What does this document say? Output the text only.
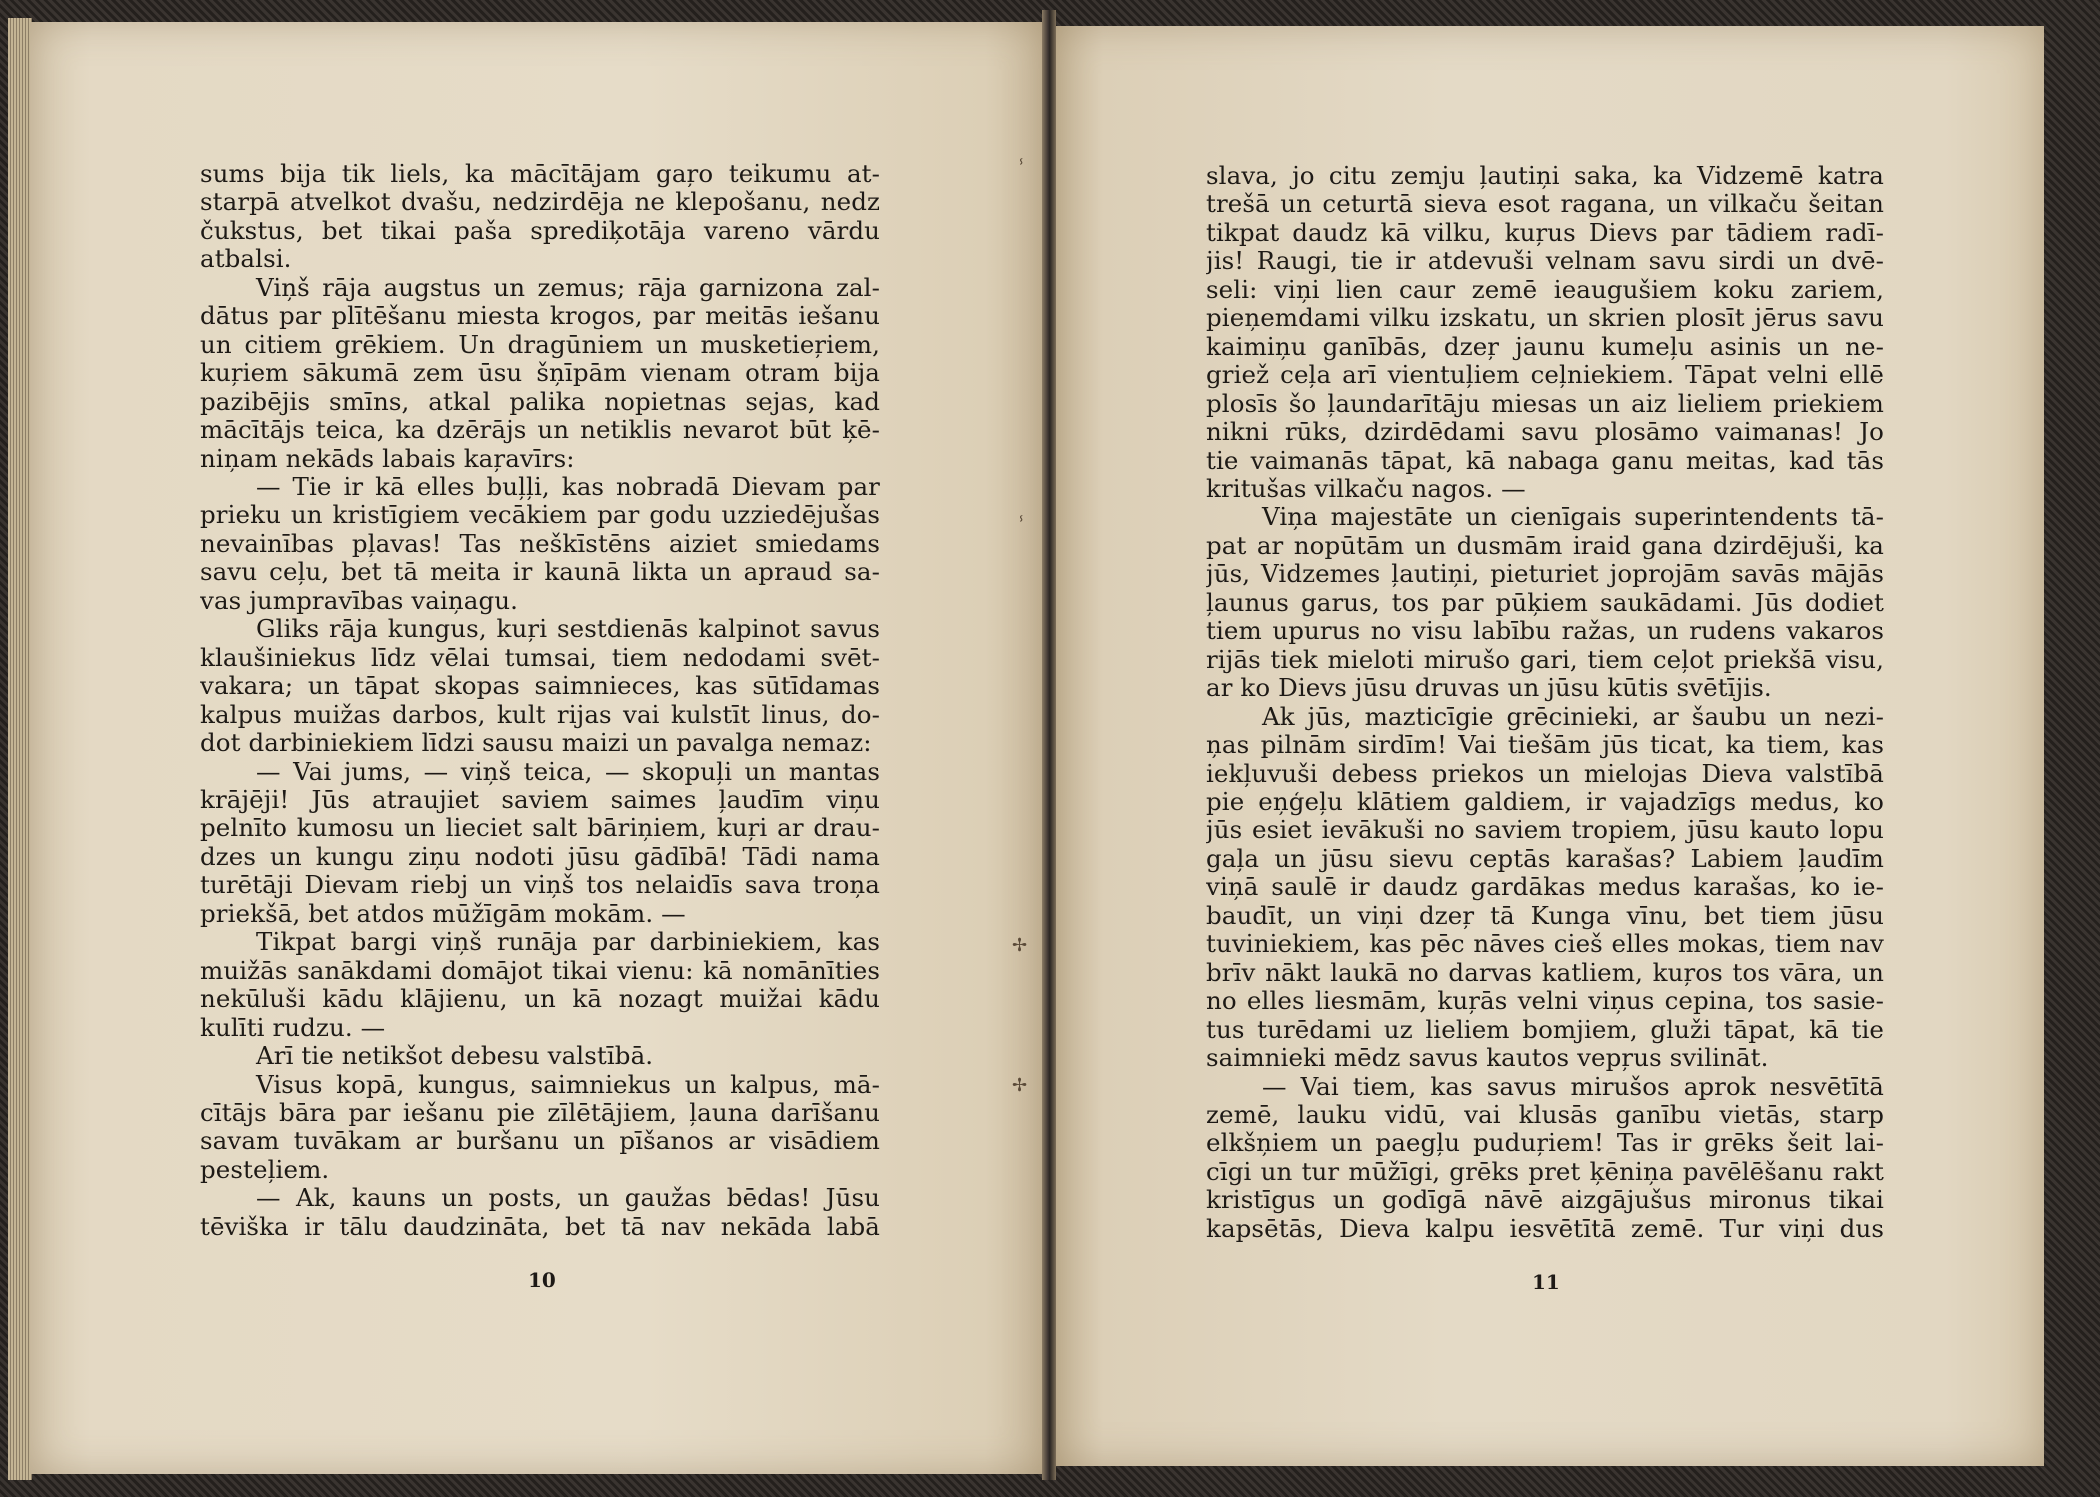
ⸯ
ⸯ
✢
✢
sums bija tik liels, ka mācītājam gaŗo teikumu at-
starpā atvelkot dvašu, nedzirdēja ne klepošanu, nedz
čukstus, bet tikai paša sprediķotāja vareno vārdu
atbalsi.
Viņš rāja augstus un zemus; rāja garnizona zal-
dātus par plītēšanu miesta krogos, par meitās iešanu
un citiem grēkiem. Un dragūniem un musketieŗiem,
kuŗiem sākumā zem ūsu šņīpām vienam otram bija
pazibējis smīns, atkal palika nopietnas sejas, kad
mācītājs teica, ka dzērājs un netiklis nevarot būt ķē-
niņam nekāds labais kaŗavīrs:
— Tie ir kā elles buļļi, kas nobradā Dievam par
prieku un kristīgiem vecākiem par godu uzziedējušas
nevainības pļavas! Tas neškīstēns aiziet smiedams
savu ceļu, bet tā meita ir kaunā likta un apraud sa-
vas jumpravības vaiņagu.
Gliks rāja kungus, kuŗi sestdienās kalpinot savus
klaušiniekus līdz vēlai tumsai, tiem nedodami svēt-
vakara; un tāpat skopas saimnieces, kas sūtīdamas
kalpus muižas darbos, kult rijas vai kulstīt linus, do-
dot darbiniekiem līdzi sausu maizi un pavalga nemaz:
— Vai jums, — viņš teica, — skopuļi un mantas
krājēji! Jūs atraujiet saviem saimes ļaudīm viņu
pelnīto kumosu un lieciet salt bāriņiem, kuŗi ar drau-
dzes un kungu ziņu nodoti jūsu gādībā! Tādi nama
turētāji Dievam riebj un viņš tos nelaidīs sava troņa
priekšā, bet atdos mūžīgām mokām. —
Tikpat bargi viņš runāja par darbiniekiem, kas
muižās sanākdami domājot tikai vienu: kā nomānīties
nekūluši kādu klājienu, un kā nozagt muižai kādu
kulīti rudzu. —
Arī tie netikšot debesu valstībā.
Visus kopā, kungus, saimniekus un kalpus, mā-
cītājs bāra par iešanu pie zīlētājiem, ļauna darīšanu
savam tuvākam ar buršanu un pīšanos ar visādiem
pesteļiem.
— Ak, kauns un posts, un gaužas bēdas! Jūsu
tēviška ir tālu daudzināta, bet tā nav nekāda labā
10
slava, jo citu zemju ļautiņi saka, ka Vidzemē katra
trešā un ceturtā sieva esot ragana, un vilkaču šeitan
tikpat daudz kā vilku, kuŗus Dievs par tādiem radī-
jis! Raugi, tie ir atdevuši velnam savu sirdi un dvē-
seli: viņi lien caur zemē ieaugušiem koku zariem,
pieņemdami vilku izskatu, un skrien plosīt jērus savu
kaimiņu ganībās, dzeŗ jaunu kumeļu asinis un ne-
griež ceļa arī vientuļiem ceļniekiem. Tāpat velni ellē
plosīs šo ļaundarītāju miesas un aiz lieliem priekiem
nikni rūks, dzirdēdami savu plosāmo vaimanas! Jo
tie vaimanās tāpat, kā nabaga ganu meitas, kad tās
kritušas vilkaču nagos. —
Viņa majestāte un cienīgais superintendents tā-
pat ar nopūtām un dusmām iraid gana dzirdējuši, ka
jūs, Vidzemes ļautiņi, pieturiet joprojām savās mājās
ļaunus garus, tos par pūķiem saukādami. Jūs dodiet
tiem upurus no visu labību ražas, un rudens vakaros
rijās tiek mieloti mirušo gari, tiem ceļot priekšā visu,
ar ko Dievs jūsu druvas un jūsu kūtis svētījis.
Ak jūs, mazticīgie grēcinieki, ar šaubu un nezi-
ņas pilnām sirdīm! Vai tiešām jūs ticat, ka tiem, kas
iekļuvuši debess priekos un mielojas Dieva valstībā
pie eņģeļu klātiem galdiem, ir vajadzīgs medus, ko
jūs esiet ievākuši no saviem tropiem, jūsu kauto lopu
gaļa un jūsu sievu ceptās karašas? Labiem ļaudīm
viņā saulē ir daudz gardākas medus karašas, ko ie-
baudīt, un viņi dzeŗ tā Kunga vīnu, bet tiem jūsu
tuviniekiem, kas pēc nāves cieš elles mokas, tiem nav
brīv nākt laukā no darvas katliem, kuŗos tos vāra, un
no elles liesmām, kuŗās velni viņus cepina, tos sasie-
tus turēdami uz lieliem bomjiem, gluži tāpat, kā tie
saimnieki mēdz savus kautos vepŗus svilināt.
— Vai tiem, kas savus mirušos aprok nesvētītā
zemē, lauku vidū, vai klusās ganību vietās, starp
elkšņiem un paegļu puduŗiem! Tas ir grēks šeit lai-
cīgi un tur mūžīgi, grēks pret ķēniņa pavēlēšanu rakt
kristīgus un godīgā nāvē aizgājušus mironus tikai
kapsētās, Dieva kalpu iesvētītā zemē. Tur viņi dus
11
